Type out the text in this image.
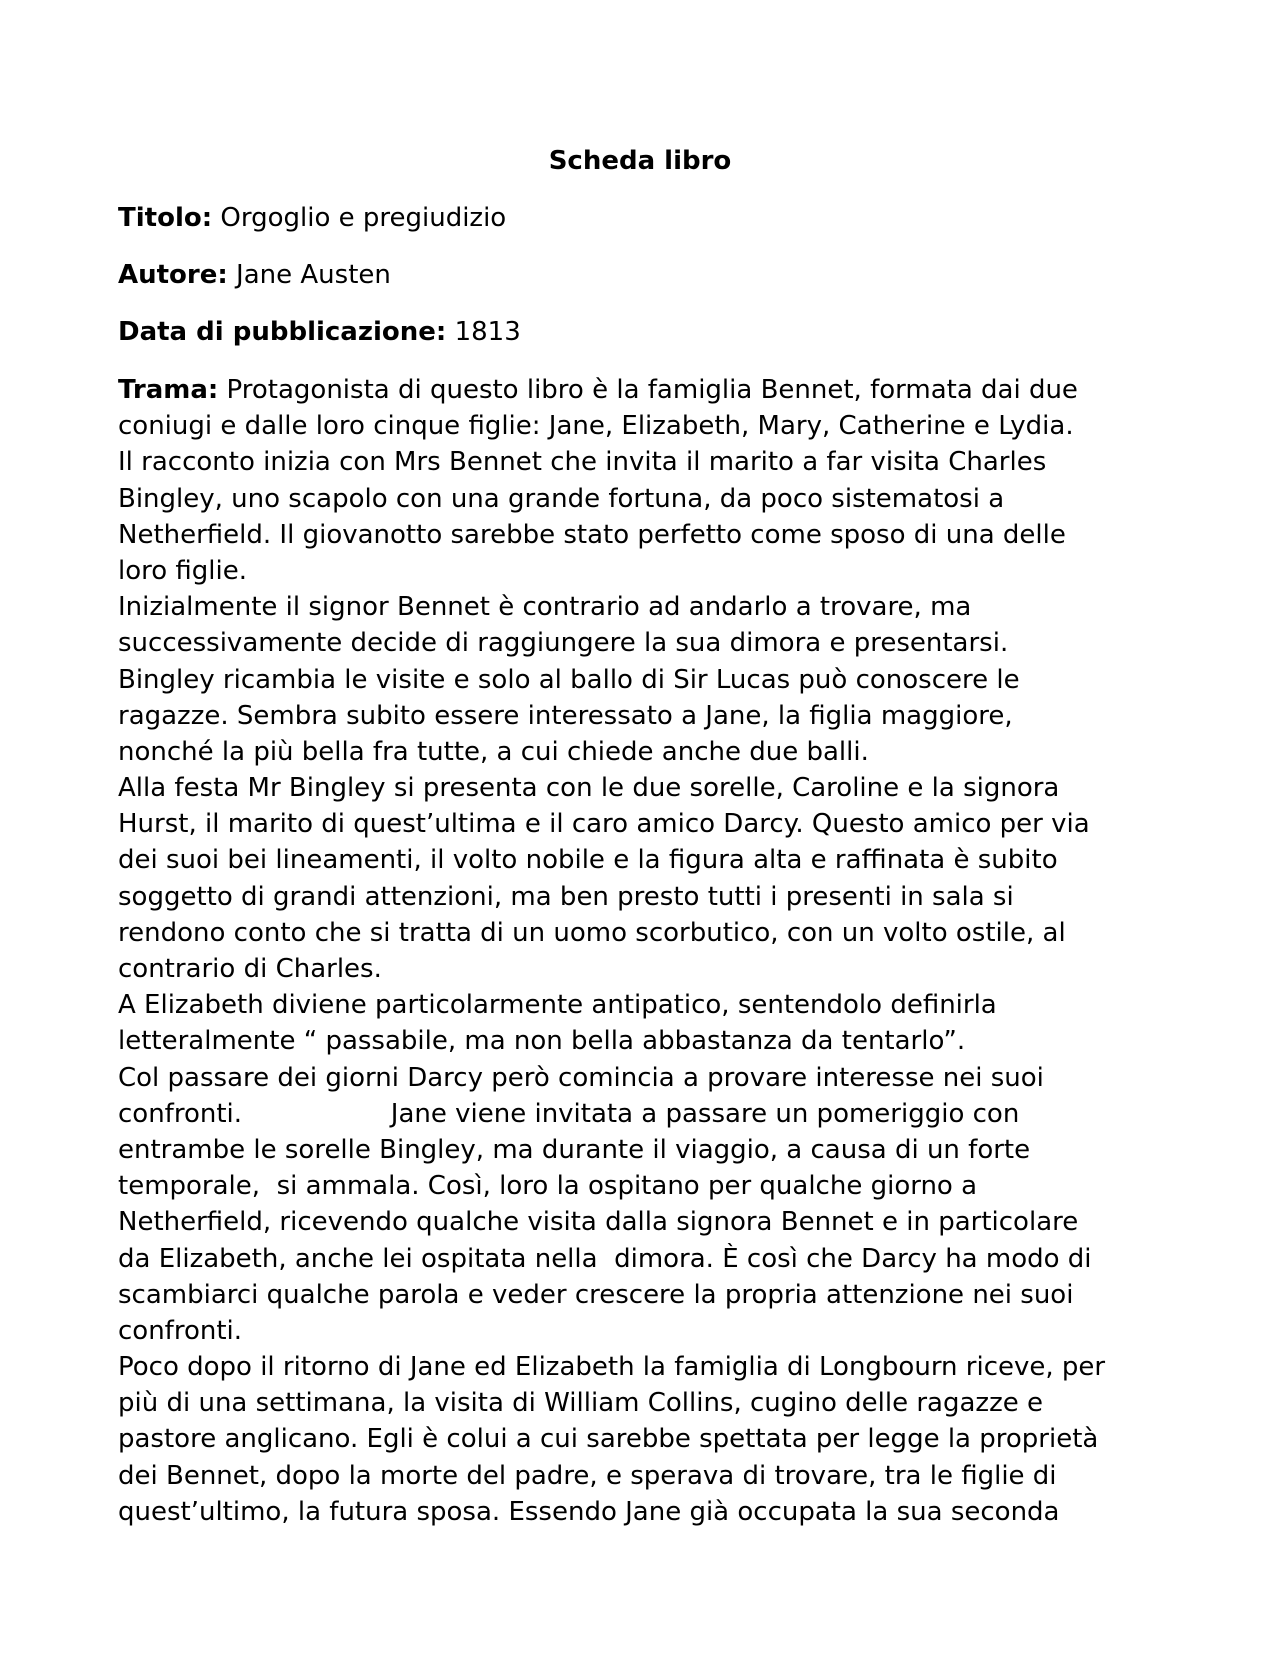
Scheda libro
Titolo: Orgoglio e pregiudizio
Autore: Jane Austen
Data di pubblicazione: 1813
Trama: Protagonista di questo libro è la famiglia Bennet, formata dai due
coniugi e dalle loro cinque figlie: Jane, Elizabeth, Mary, Catherine e Lydia.
Il racconto inizia con Mrs Bennet che invita il marito a far visita Charles
Bingley, uno scapolo con una grande fortuna, da poco sistematosi a
Netherfield. Il giovanotto sarebbe stato perfetto come sposo di una delle
loro figlie.
Inizialmente il signor Bennet è contrario ad andarlo a trovare, ma
successivamente decide di raggiungere la sua dimora e presentarsi.
Bingley ricambia le visite e solo al ballo di Sir Lucas può conoscere le
ragazze. Sembra subito essere interessato a Jane, la figlia maggiore,
nonché la più bella fra tutte, a cui chiede anche due balli.
Alla festa Mr Bingley si presenta con le due sorelle, Caroline e la signora
Hurst, il marito di quest’ultima e il caro amico Darcy. Questo amico per via
dei suoi bei lineamenti, il volto nobile e la figura alta e raffinata è subito
soggetto di grandi attenzioni, ma ben presto tutti i presenti in sala si
rendono conto che si tratta di un uomo scorbutico, con un volto ostile, al
contrario di Charles.
A Elizabeth diviene particolarmente antipatico, sentendolo definirla
letteralmente “ passabile, ma non bella abbastanza da tentarlo”.
Col passare dei giorni Darcy però comincia a provare interesse nei suoi
confronti.                  Jane viene invitata a passare un pomeriggio con
entrambe le sorelle Bingley, ma durante il viaggio, a causa di un forte
temporale,  si ammala. Così, loro la ospitano per qualche giorno a
Netherfield, ricevendo qualche visita dalla signora Bennet e in particolare
da Elizabeth, anche lei ospitata nella  dimora. È così che Darcy ha modo di
scambiarci qualche parola e veder crescere la propria attenzione nei suoi
confronti.
Poco dopo il ritorno di Jane ed Elizabeth la famiglia di Longbourn riceve, per
più di una settimana, la visita di William Collins, cugino delle ragazze e
pastore anglicano. Egli è colui a cui sarebbe spettata per legge la proprietà
dei Bennet, dopo la morte del padre, e sperava di trovare, tra le figlie di
quest’ultimo, la futura sposa. Essendo Jane già occupata la sua seconda
